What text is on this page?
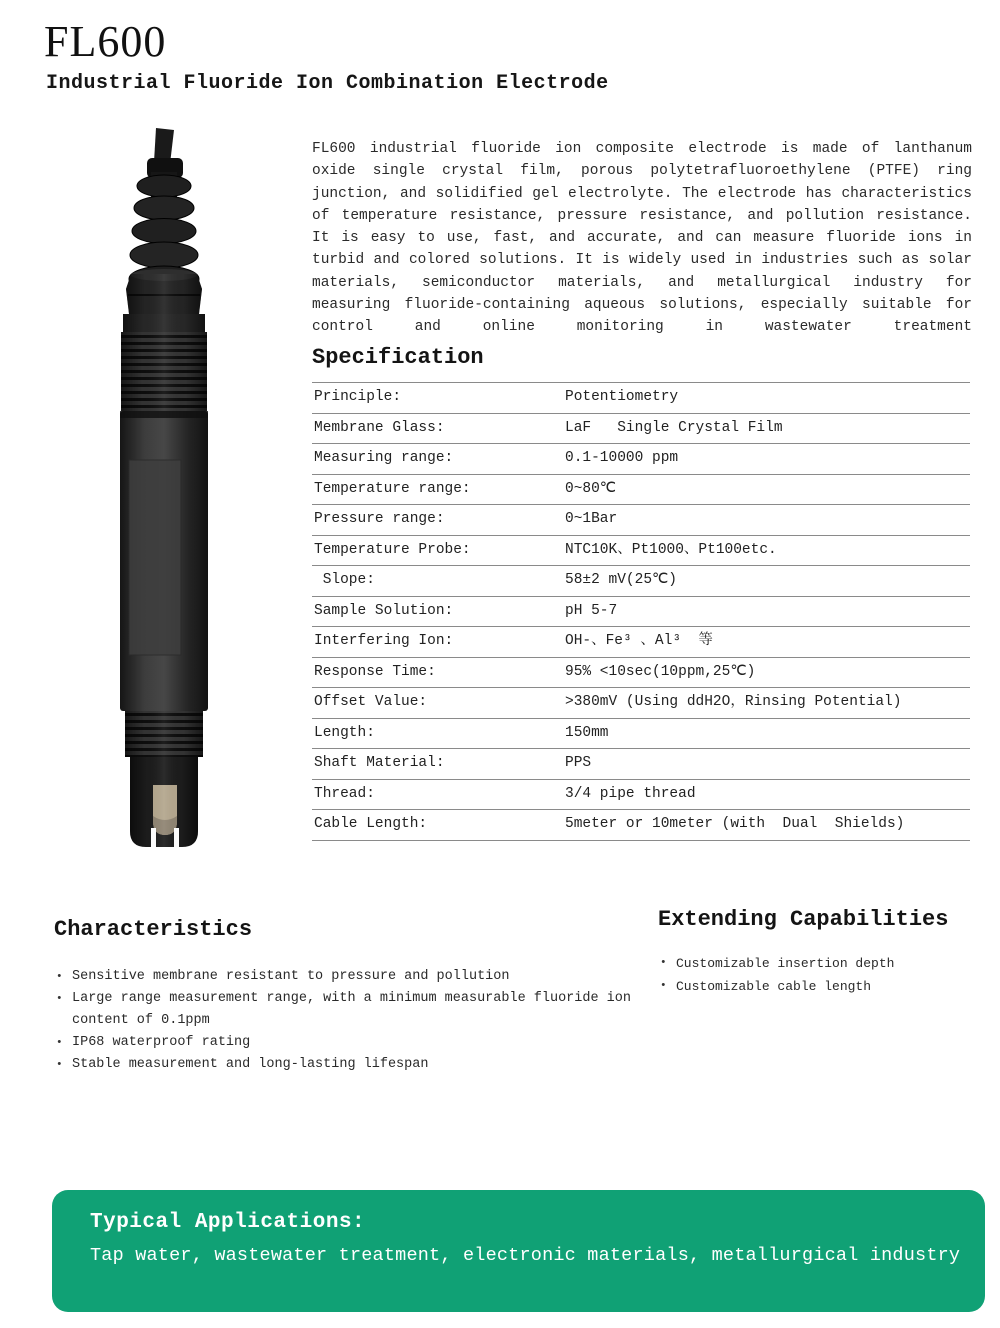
FL600
Industrial Fluoride Ion Combination Electrode

FL600 industrial fluoride ion composite electrode is made of lanthanum oxide single crystal film, porous polytetrafluoroethylene (PTFE) ring junction, and solidified gel electrolyte. The electrode has characteristics of temperature resistance, pressure resistance, and pollution resistance. It is easy to use, fast, and accurate, and can measure fluoride ions in turbid and colored solutions. It is widely used in industries such as solar materials, semiconductor materials, and metallurgical industry for measuring fluoride-containing aqueous solutions, especially suitable for control and online monitoring in wastewater treatment

Specification
Principle:	Potentiometry
Membrane Glass:	LaF   Single Crystal Film
Measuring range:	0.1-10000 ppm
Temperature range:	0~80℃
Pressure range:	0~1Bar
Temperature Probe:	NTC10K、Pt1000、Pt100etc.
Slope:	58±2 mV(25℃)
Sample Solution:	pH 5-7
Interfering Ion:	OH-、Fe³ 、Al³  等
Response Time:	95% <10sec(10ppm,25℃)
Offset Value:	>380mV (Using ddH2O，Rinsing Potential)
Length:	150mm
Shaft Material:	PPS
Thread:	3/4 pipe thread
Cable Length:	5meter or 10meter (with  Dual  Shields)
Characteristics
• Sensitive membrane resistant to pressure and pollution
• Large range measurement range, with a minimum measurable fluoride ion content of 0.1ppm
• IP68 waterproof rating
• Stable measurement and long-lasting lifespan
Extending Capabilities
• Customizable insertion depth
• Customizable cable length
Typical Applications:
Tap water, wastewater treatment, electronic materials, metallurgical industry
